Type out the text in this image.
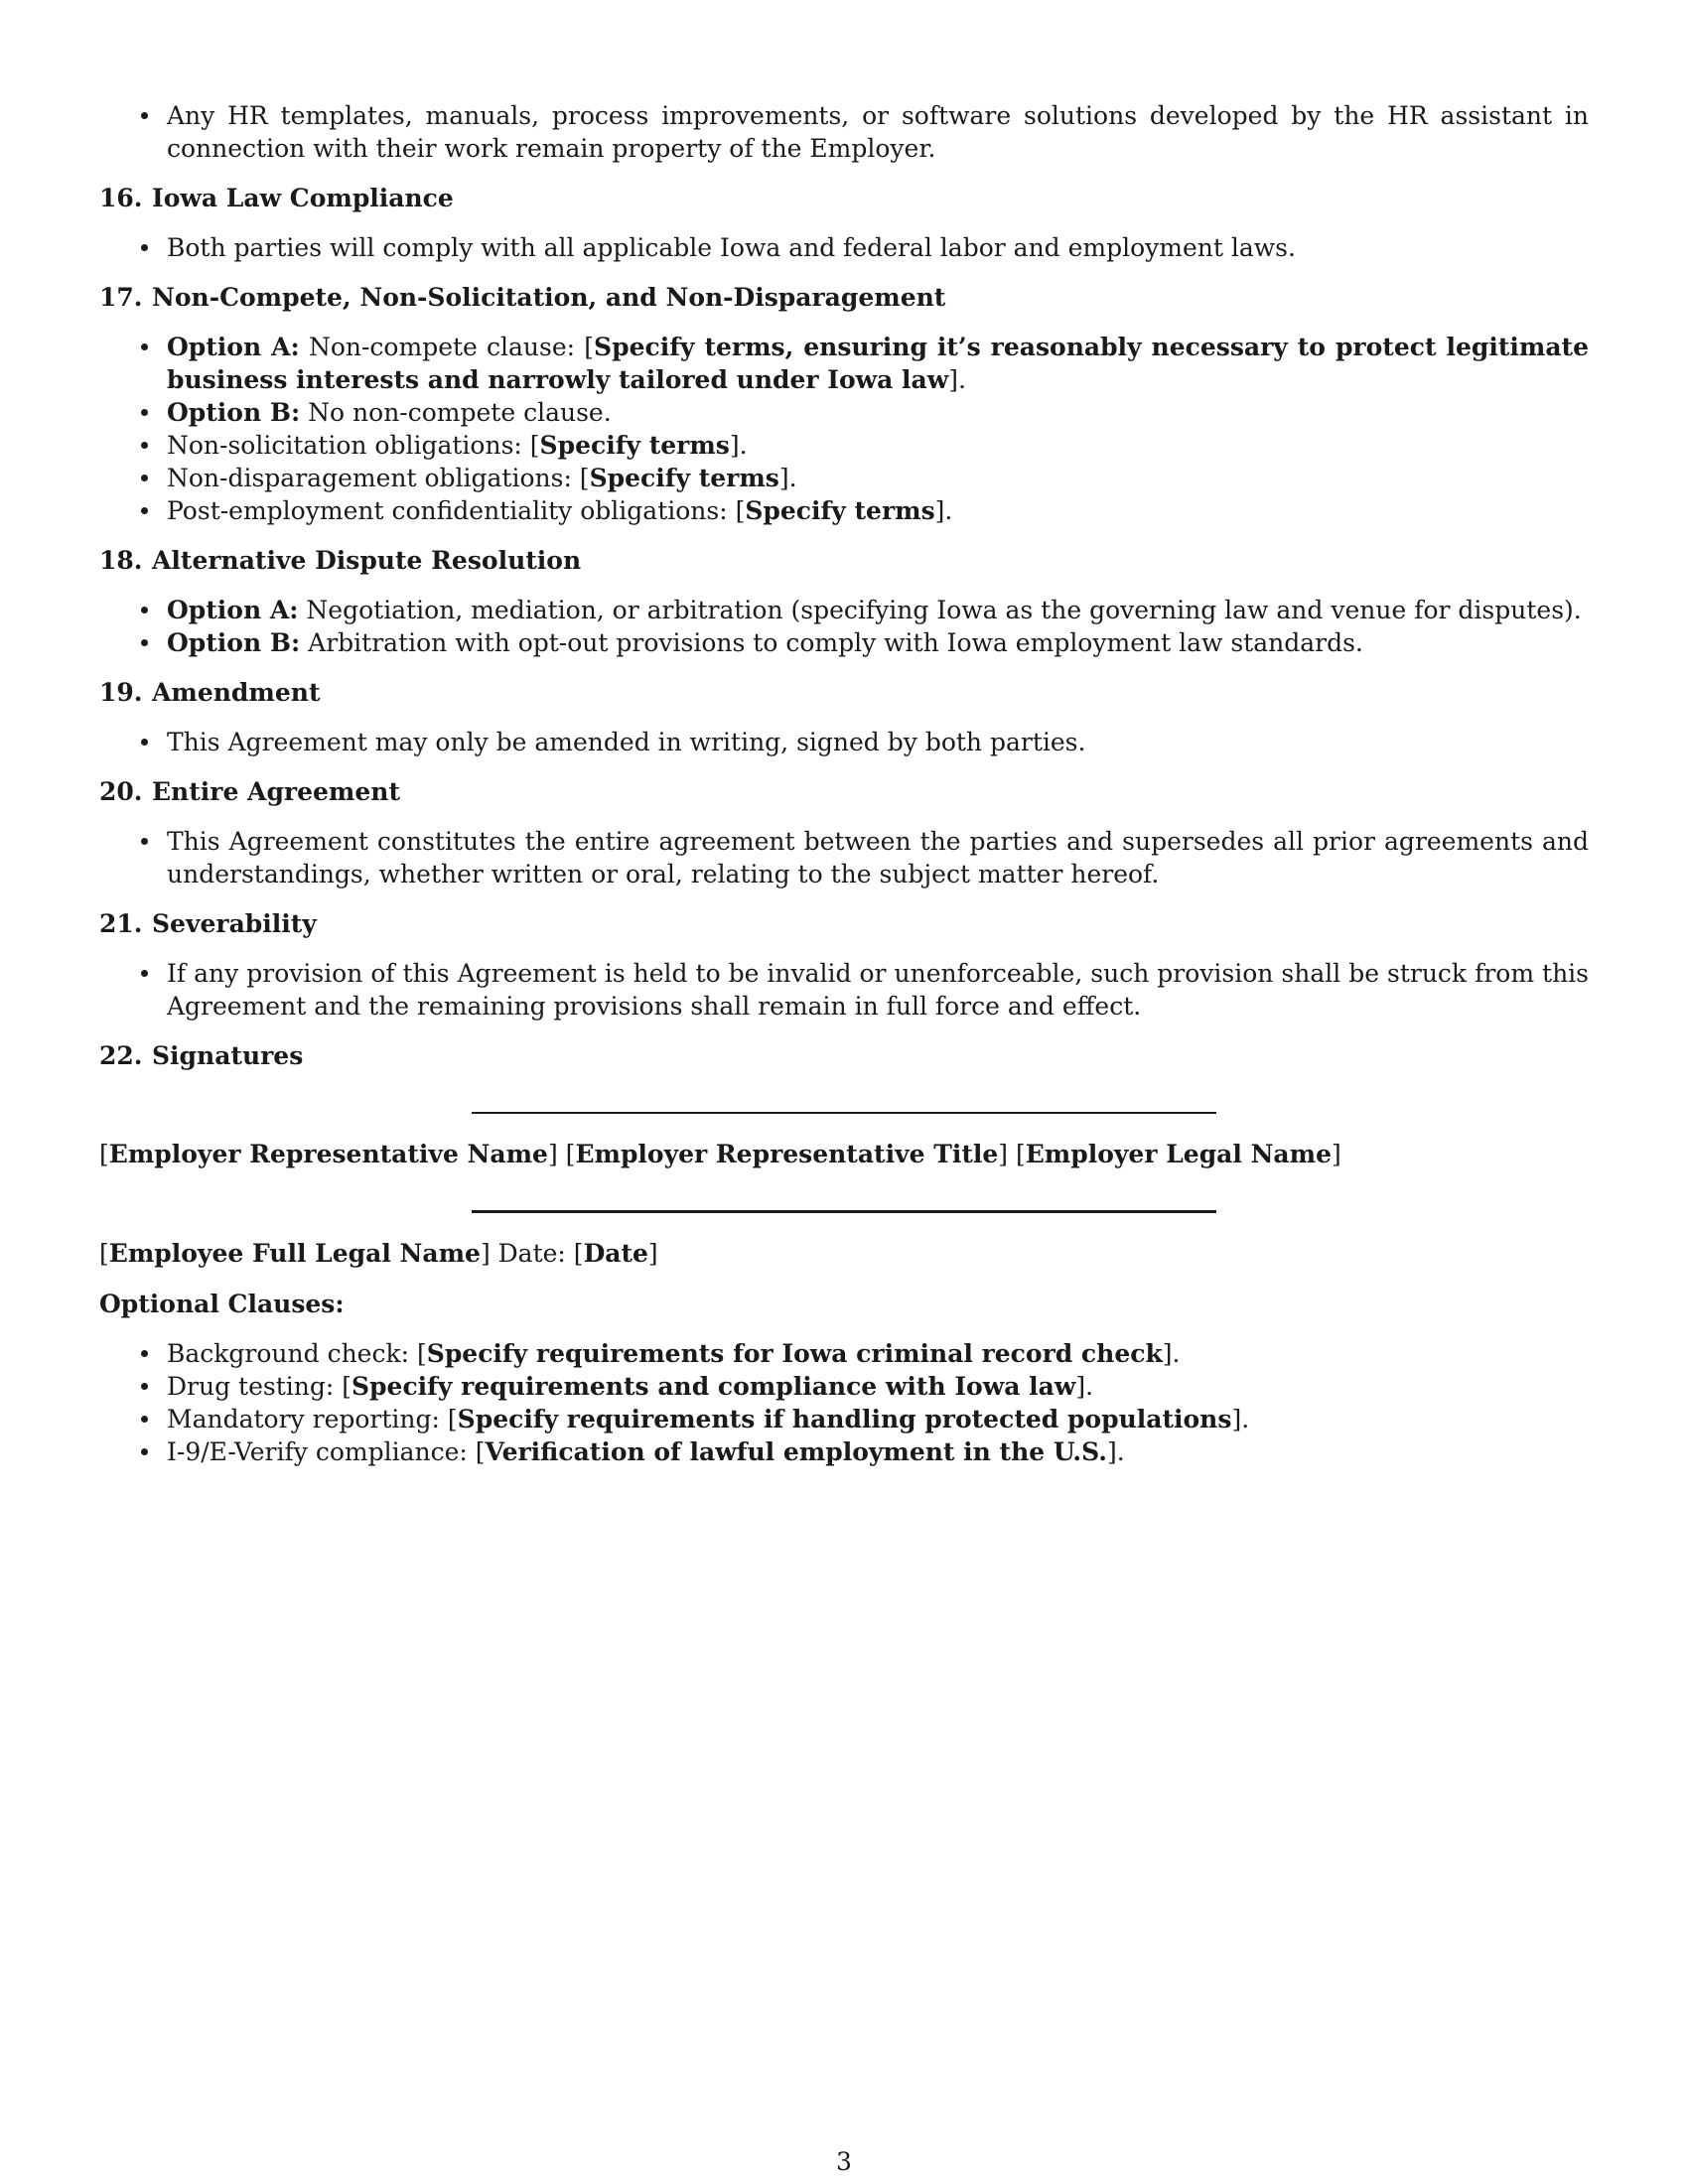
Any HR templates, manuals, process improvements, or software solutions developed by the HR assistant in connection with their work remain property of the Employer.
16. Iowa Law Compliance
Both parties will comply with all applicable Iowa and federal labor and employment laws.
17. Non-Compete, Non-Solicitation, and Non-Disparagement
Option A: Non-compete clause: [Specify terms, ensuring it’s reasonably necessary to protect legitimate business interests and narrowly tailored under Iowa law].
Option B: No non-compete clause.
Non-solicitation obligations: [Specify terms].
Non-disparagement obligations: [Specify terms].
Post-employment confidentiality obligations: [Specify terms].
18. Alternative Dispute Resolution
Option A: Negotiation, mediation, or arbitration (specifying Iowa as the governing law and venue for disputes).
Option B: Arbitration with opt-out provisions to comply with Iowa employment law standards.
19. Amendment
This Agreement may only be amended in writing, signed by both parties.
20. Entire Agreement
This Agreement constitutes the entire agreement between the parties and supersedes all prior agreements and understandings, whether written or oral, relating to the subject matter hereof.
21. Severability
If any provision of this Agreement is held to be invalid or unenforceable, such provision shall be struck from this Agreement and the remaining provisions shall remain in full force and effect.
22. Signatures
[Employer Representative Name] [Employer Representative Title] [Employer Legal Name]
[Employee Full Legal Name] Date: [Date]
Optional Clauses:
Background check: [Specify requirements for Iowa criminal record check].
Drug testing: [Specify requirements and compliance with Iowa law].
Mandatory reporting: [Specify requirements if handling protected populations].
I-9/E-Verify compliance: [Verification of lawful employment in the U.S.].
3
